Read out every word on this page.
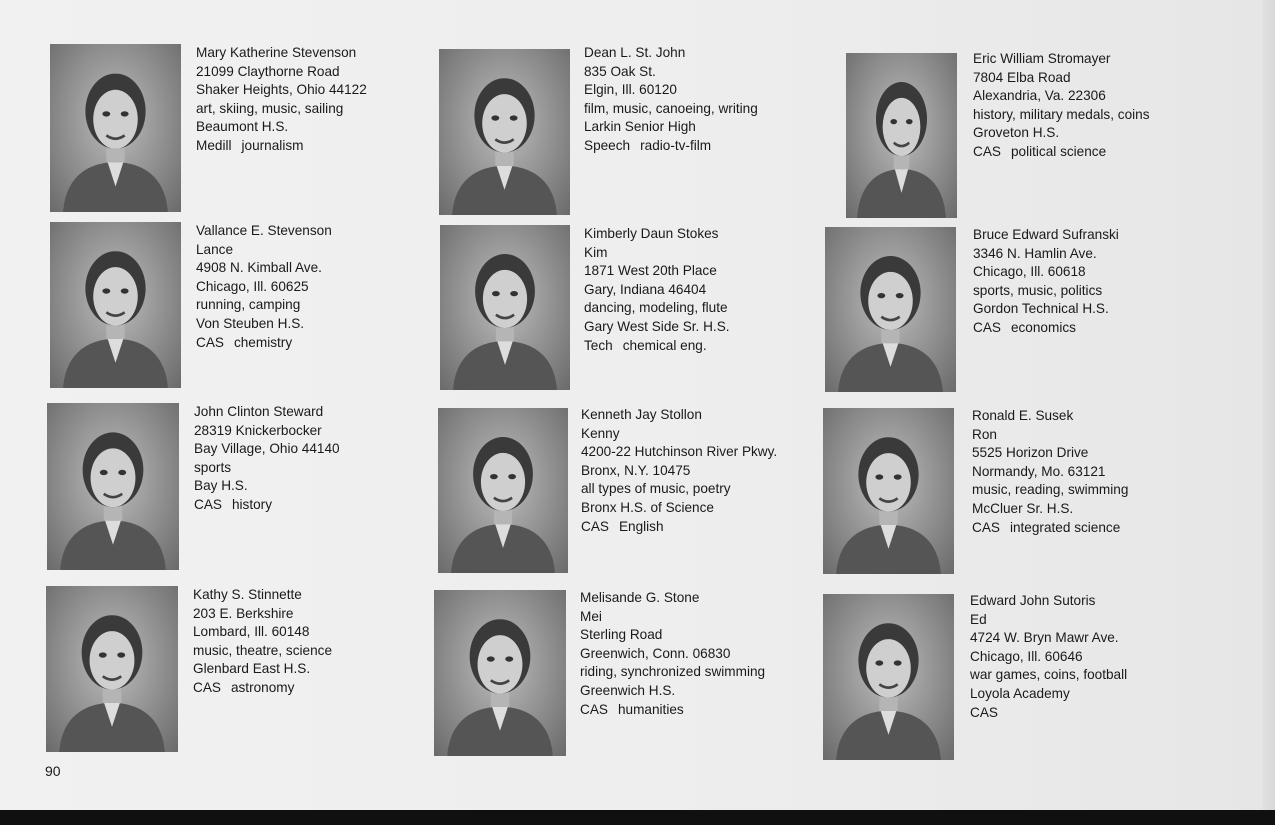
Mary Katherine Stevenson
21099 Claythorne Road
Shaker Heights, Ohio 44122
art, skiing, music, sailing
Beaumont H.S.
Medill journalism
Vallance E. Stevenson
Lance
4908 N. Kimball Ave.
Chicago, Ill. 60625
running, camping
Von Steuben H.S.
CAS chemistry
John Clinton Steward
28319 Knickerbocker
Bay Village, Ohio 44140
sports
Bay H.S.
CAS history
Kathy S. Stinnette
203 E. Berkshire
Lombard, Ill. 60148
music, theatre, science
Glenbard East H.S.
CAS astronomy
Dean L. St. John
835 Oak St.
Elgin, Ill. 60120
film, music, canoeing, writing
Larkin Senior High
Speech radio-tv-film
Kimberly Daun Stokes
Kim
1871 West 20th Place
Gary, Indiana 46404
dancing, modeling, flute
Gary West Side Sr. H.S.
Tech chemical eng.
Kenneth Jay Stollon
Kenny
4200-22 Hutchinson River Pkwy.
Bronx, N.Y. 10475
all types of music, poetry
Bronx H.S. of Science
CAS English
Melisande G. Stone
Mei
Sterling Road
Greenwich, Conn. 06830
riding, synchronized swimming
Greenwich H.S.
CAS humanities
Eric William Stromayer
7804 Elba Road
Alexandria, Va. 22306
history, military medals, coins
Groveton H.S.
CAS political science
Bruce Edward Sufranski
3346 N. Hamlin Ave.
Chicago, Ill. 60618
sports, music, politics
Gordon Technical H.S.
CAS economics
Ronald E. Susek
Ron
5525 Horizon Drive
Normandy, Mo. 63121
music, reading, swimming
McCluer Sr. H.S.
CAS integrated science
Edward John Sutoris
Ed
4724 W. Bryn Mawr Ave.
Chicago, Ill. 60646
war games, coins, football
Loyola Academy
CAS
90
